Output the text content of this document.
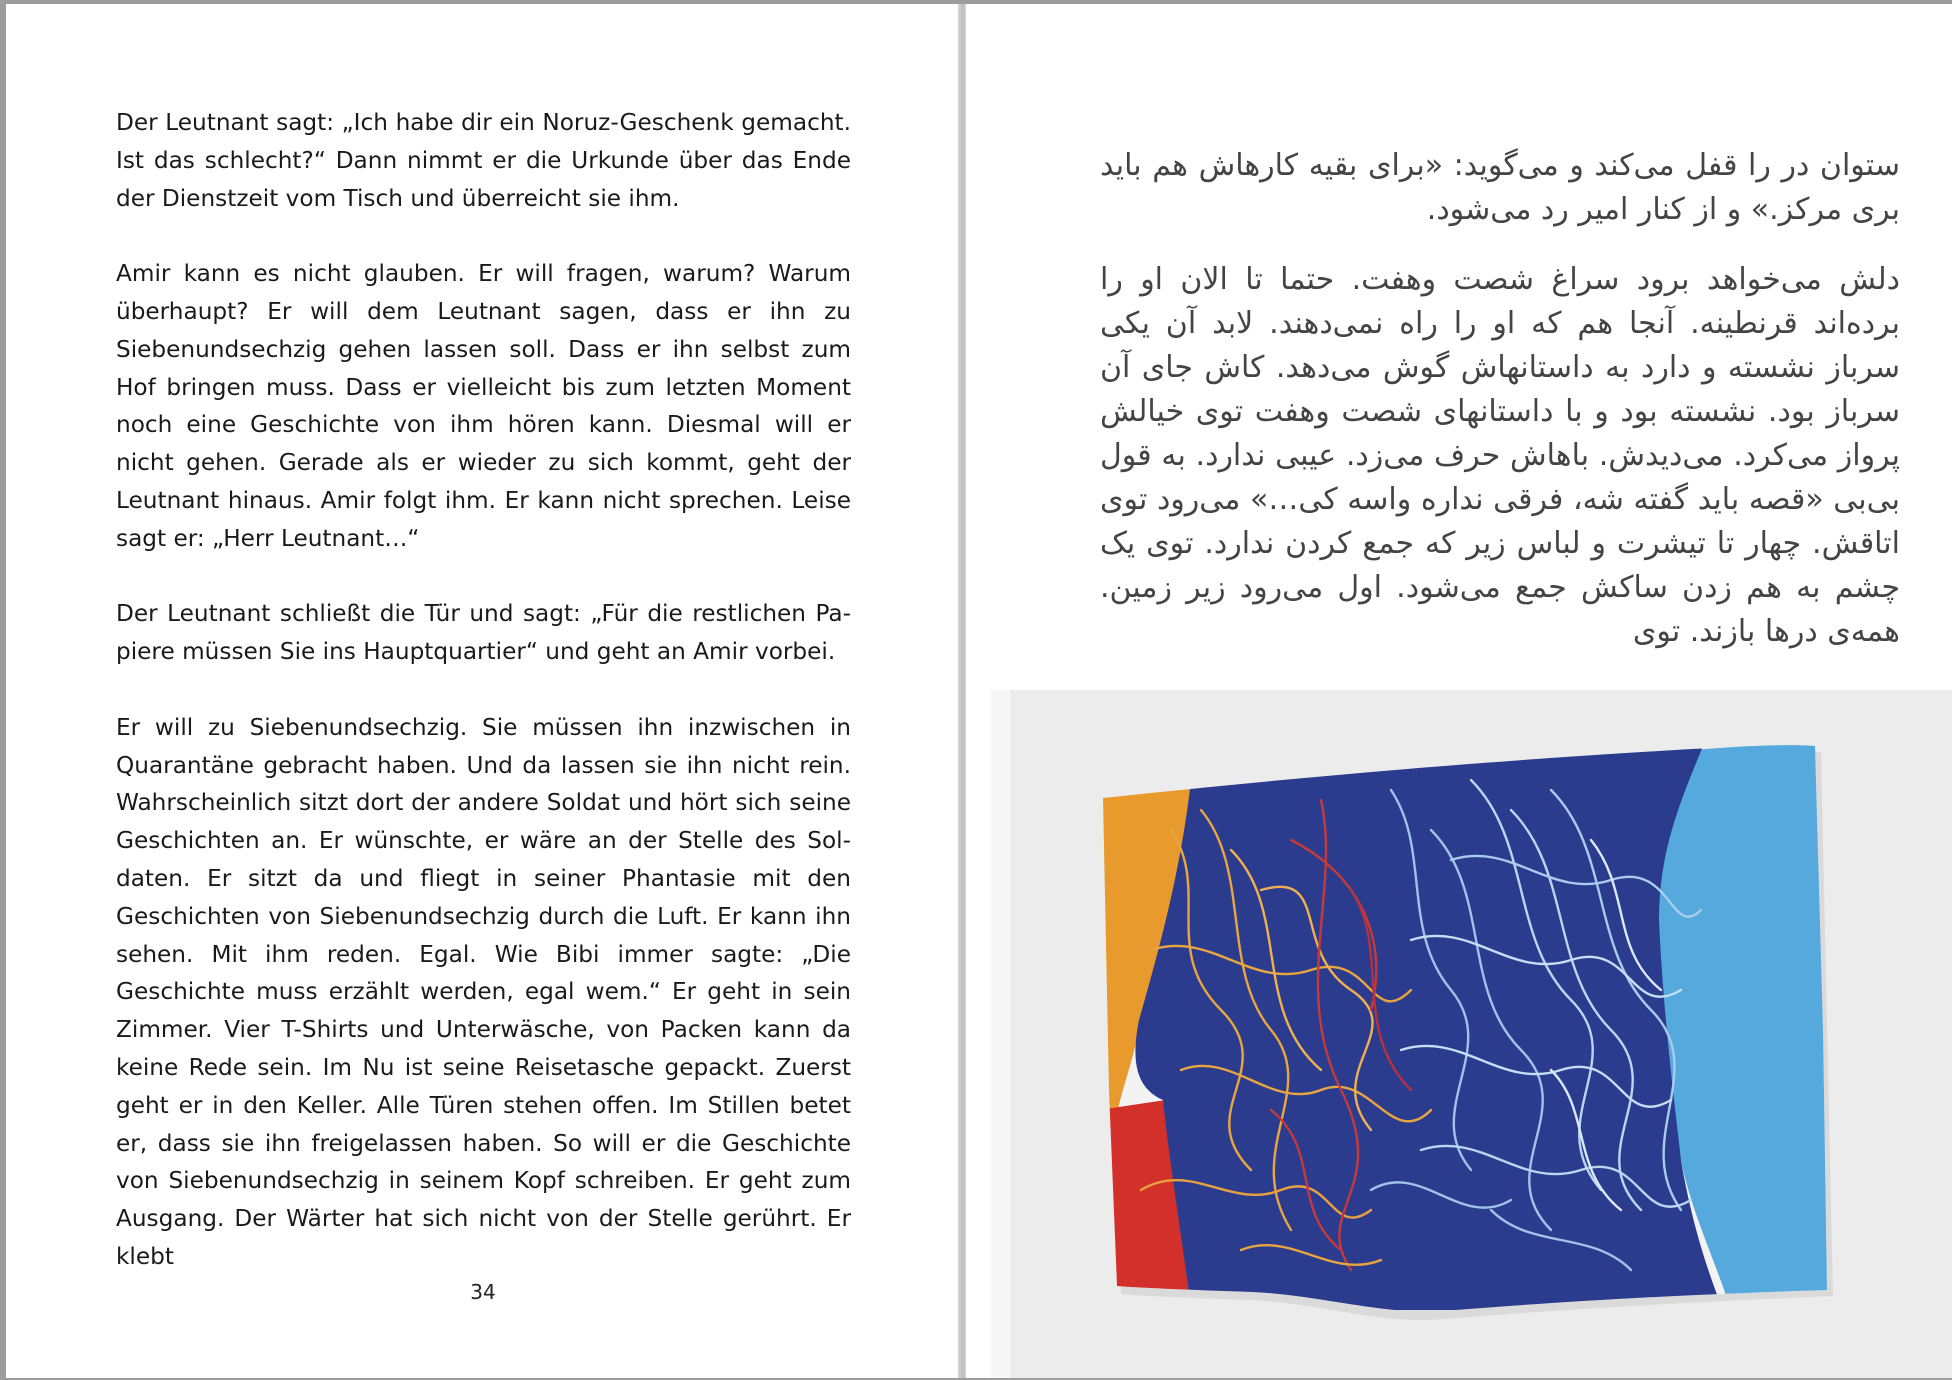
Der Leutnant sagt: „Ich habe dir ein Noruz-Geschenk gemacht. Ist das schlecht?“ Dann nimmt er die Urkunde über das Ende der Dienstzeit vom Tisch und überreicht sie ihm.

Amir kann es nicht glauben. Er will fragen, warum? Warum überhaupt? Er will dem Leutnant sagen, dass er ihn zu Siebenundsechzig gehen lassen soll. Dass er ihn selbst zum Hof bringen muss. Dass er vielleicht bis zum letzten Moment noch eine Geschichte von ihm hören kann. Diesmal will er nicht gehen. Gerade als er wieder zu sich kommt, geht der Leutnant hinaus. Amir folgt ihm. Er kann nicht sprechen. Leise sagt er: „Herr Leutnant…“

Der Leutnant schließt die Tür und sagt: „Für die restlichen Papiere müssen Sie ins Hauptquartier“ und geht an Amir vorbei.

Er will zu Siebenundsechzig. Sie müssen ihn inzwischen in Quarantäne gebracht haben. Und da lassen sie ihn nicht rein. Wahrscheinlich sitzt dort der andere Soldat und hört sich seine Geschichten an. Er wünschte, er wäre an der Stelle des Soldaten. Er sitzt da und fliegt in seiner Phantasie mit den Geschichten von Siebenundsechzig durch die Luft. Er kann ihn sehen. Mit ihm reden. Egal. Wie Bibi immer sagte: „Die Geschichte muss erzählt werden, egal wem.“ Er geht in sein Zimmer. Vier T-Shirts und Unterwäsche, von Packen kann da keine Rede sein. Im Nu ist seine Reisetasche gepackt. Zuerst geht er in den Keller. Alle Türen stehen offen. Im Stillen betet er, dass sie ihn freigelassen haben. So will er die Geschichte von Siebenundsechzig in seinem Kopf schreiben. Er geht zum Ausgang. Der Wärter hat sich nicht von der Stelle gerührt. Er klebt

34

ستوان در را قفل می‌کند و می‌گوید: «برای بقیه کارهاش هم باید بری مرکز.» و از کنار امیر رد می‌شود.

دلش می‌خواهد برود سراغ شصت وهفت. حتما تا الان او را برده‌اند قرنطینه. آنجا هم که او را راه نمی‌دهند. لابد آن یکی سرباز نشسته و دارد به داستانهاش گوش می‌دهد. کاش جای آن سرباز بود. نشسته بود و با داستانهای شصت وهفت توی خیالش پرواز می‌کرد. می‌دیدش. باهاش حرف می‌زد. عیبی ندارد. به قول بی‌بی «قصه باید گفته شه، فرقی نداره واسه کی…» می‌رود توی اتاقش. چهار تا تیشرت و لباس زیر که جمع کردن ندارد. توی یک چشم به هم زدن ساکش جمع می‌شود. اول می‌رود زیر زمین. همه‌ی درها بازند. توی
